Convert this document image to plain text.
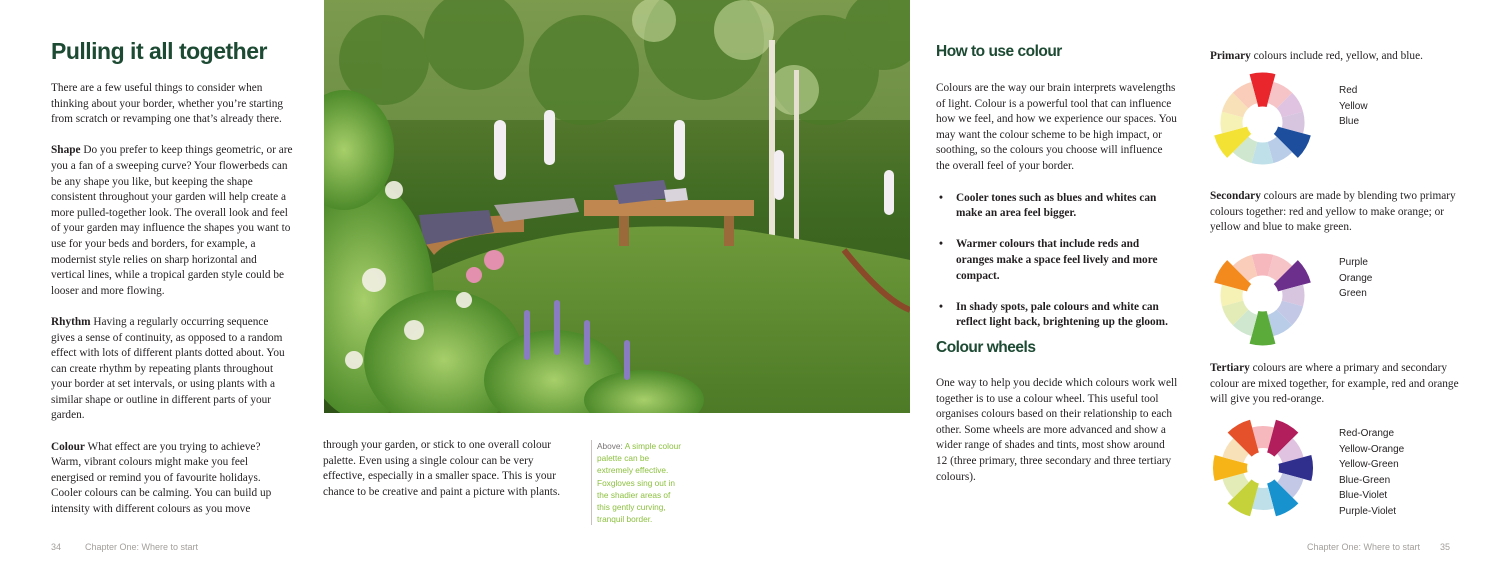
Pulling it all together

There are a few useful things to consider when thinking about your border, whether you’re starting from scratch or revamping one that’s already there.

Shape Do you prefer to keep things geometric, or are you a fan of a sweeping curve? Your flowerbeds can be any shape you like, but keeping the shape consistent throughout your garden will help create a more pulled-together look. The overall look and feel of your garden may influence the shapes you want to use for your beds and borders, for example, a modernist style relies on sharp horizontal and vertical lines, while a tropical garden style could be looser and more flowing.

Rhythm Having a regularly occurring sequence gives a sense of continuity, as opposed to a random effect with lots of different plants dotted about. You can create rhythm by repeating plants throughout your border at set intervals, or using plants with a similar shape or outline in different parts of your garden.

Colour What effect are you trying to achieve? Warm, vibrant colours might make you feel energised or remind you of favourite holidays. Cooler colours can be calming. You can build up intensity with different colours as you move

through your garden, or stick to one overall colour palette. Even using a single colour can be very effective, especially in a smaller space. This is your chance to be creative and paint a picture with plants.
Above: A simple colour palette can be extremely effective. Foxgloves sing out in the shadier areas of this gently curving, tranquil border.
How to use colour

Colours are the way our brain interprets wavelengths of light. Colour is a powerful tool that can influence how we feel, and how we experience our spaces. You may want the colour scheme to be high impact, or soothing, so the colours you choose will influence the overall feel of your border.

• Cooler tones such as blues and whites can make an area feel bigger.
• Warmer colours that include reds and oranges make a space feel lively and more compact.
• In shady spots, pale colours and white can reflect light back, brightening up the gloom.
Colour wheels
One way to help you decide which colours work well together is to use a colour wheel. This useful tool organises colours based on their relationship to each other. Some wheels are more advanced and show a wider range of shades and tints, most show around 12 (three primary, three secondary and three tertiary colours).
Primary colours include red, yellow, and blue.
Red
Yellow
Blue
Secondary colours are made by blending two primary colours together: red and yellow to make orange; or yellow and blue to make green.
Purple
Orange
Green
Tertiary colours are where a primary and secondary colour are mixed together, for example, red and orange will give you red-orange.
Red-Orange
Yellow-Orange
Yellow-Green
Blue-Green
Blue-Violet
Purple-Violet
34	Chapter One: Where to start	Chapter One: Where to start 35
